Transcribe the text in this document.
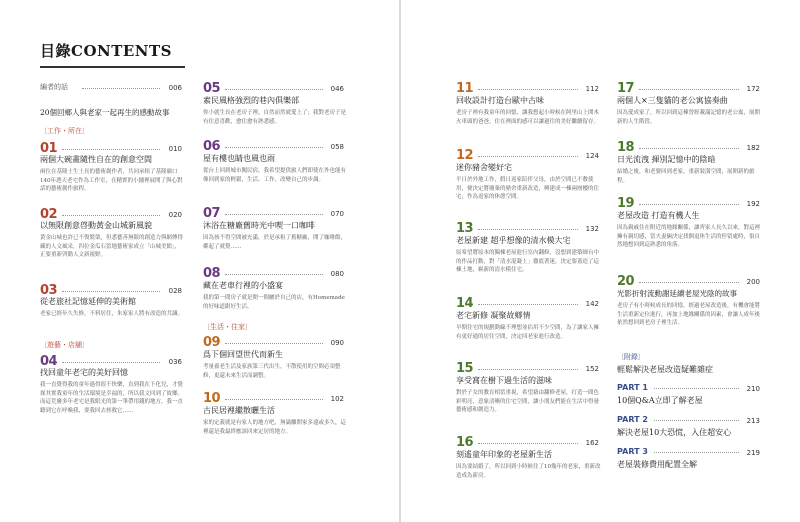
目錄CONTENTS
編者的話	006
20個回鄉人與老家一起再生的感動故事
〔工作・所在〕
01	010
兩個大碗畫隨性自在的創意空間
兩位在基隆土生土長的藝術創作者，共同承租了基隆廟口140年透天老宅作為工作室，在精實的小鋪裡展開了與心對話的藝術創作旅程。
02	020
以無限創意啓動黃金山城新風貌
黃金山城也許已不復繁榮，但悉藝善無限的創造力與網傳得藏的人文風采，四位金瓜石當地藝術家成立「山城美館」，正要重新啓動人文新視野。
03	028
從老旅社記憶延伸的美術館
老家已經年久失修，不料居住，朱家家人將有改造的共識。
〔遊藝・店舖〕
04	036
找回童年老宅的美好回憶
我一直覺得我的童年過得很不快樂，直到我在下化兒，才覺探其實我童年的生活環境是幸福的，所以我文回到了故鄉。而這荒廢多年老宅是我眼光的第一筆帶用錢的地方，我一直聽到它在呼喚我，要我回去拯救它……
05	046
素民風格強烈的巷內俱樂部
你小就生長在老房子裡，自然而然就愛上了；我對老房子是有住意喜歡，愈住愈有熟悉感。
06	058
屋有樓也睛也風也雨
從台上回到城市闖民宿，我希望提供旅人們即使在外也能有像回到家的輕鬆，生活、工作、改變自己的步調。
07	070
沐浴在糖廠舊時光中喫一口咖啡
因為孩不得空間被充滿，於是承租了舊糖廠，開了咖啡館，鄰起了就覺……
08	080
藏在老車行裡的小盛宴
我的第一間房子就是開一間屬於自己的店，有Homemade的好味道跟好生活。
〔生活・住家〕
09	090
爲下個回望世代而新生
考量養老生活及家族第三代出生，不散使用的空間必須整修，更還未來生活而調整。
10	102
古民居裡繼散曬生活
家的定義就是有家人的地方吧，無論離開家多遠或多久，這裡還是我最終應該回來定居的地方。
11	112
回收設計打造台歐中古味
老房子裡有我童年的回憶，讓我想起小時候在阿里山上開木火車頭的爸爸，住在裡面的感可以讓過往的美好繼續留存。
12	124
迷你豬舍變好宅
平日於外地工作，假日返家陪伴父母，由於空間已不敷使用，便決定將廢棄的豬舍重新改造，興建成一棟兩層樓的住宅，作為返家的休憩空間。
13	132
老屋新建 超乎想像的清水模大宅
原希望將原本的獨棟老屋進行室內翻修，沒想到建築師台中的作品打動，對「清水混凝土」徹底著迷，決定要蓋造了這棟土地，嶄新的清水模住宅。
14	142
老宅新修 凝聚故鄉情
早期住宅的規劃動線不理想並佔用不少空間，為了讓家人擁有更好通的居住空間，決定回老家進行改造。
15	152
享受窩在樹下過生活的滋味
對於子女的教育相當重視，希望藉由翻修老屋，打造一間色彩明亮、意象清晰的住宅空間，讓小朋友們能在生活中得發藝術感和創造力。
16	162
刻遙童年印象的老屋新生活
因為要結婚了，所以回到小時候住了10幾年的老家，重新改造成為新房。
17	172
兩個人×三隻貓的老公寓協奏曲
因為愛成家了，所以回到這棟曾經載滿記憶的老公寓，展開新的人生階段。
18	182
日光流洩 揮別記憶中的陰暗
結婚之後，和老婆回到老家，重新裝潢空間，展開新的旅程。
19	192
老屋改造 打造有機人生
因為親戚住在附近的地緣關係，讓齊家人長久以來，對這裡擁有親切感，當夫妻倆決定找個退休生活的停留處時，很自然地想回到這熟悉的角落。
20	200
光影折射流動謝延續老屋光陰的故事
老房子有小時候成長的回憶，經過老屋改造後，有機會能將生活重新定位進行，再加上地緣關係的因素，會讓人成年後依然想回到老房子裡生活。
〔附錄〕
輕鬆解決老屋改造疑難雜症
PART 1	210
10個Q&A立即了解老屋
PART 2	213
解決老屋10大恐慌，入住超安心
PART 3	219
老屋裝修費用配置全解
